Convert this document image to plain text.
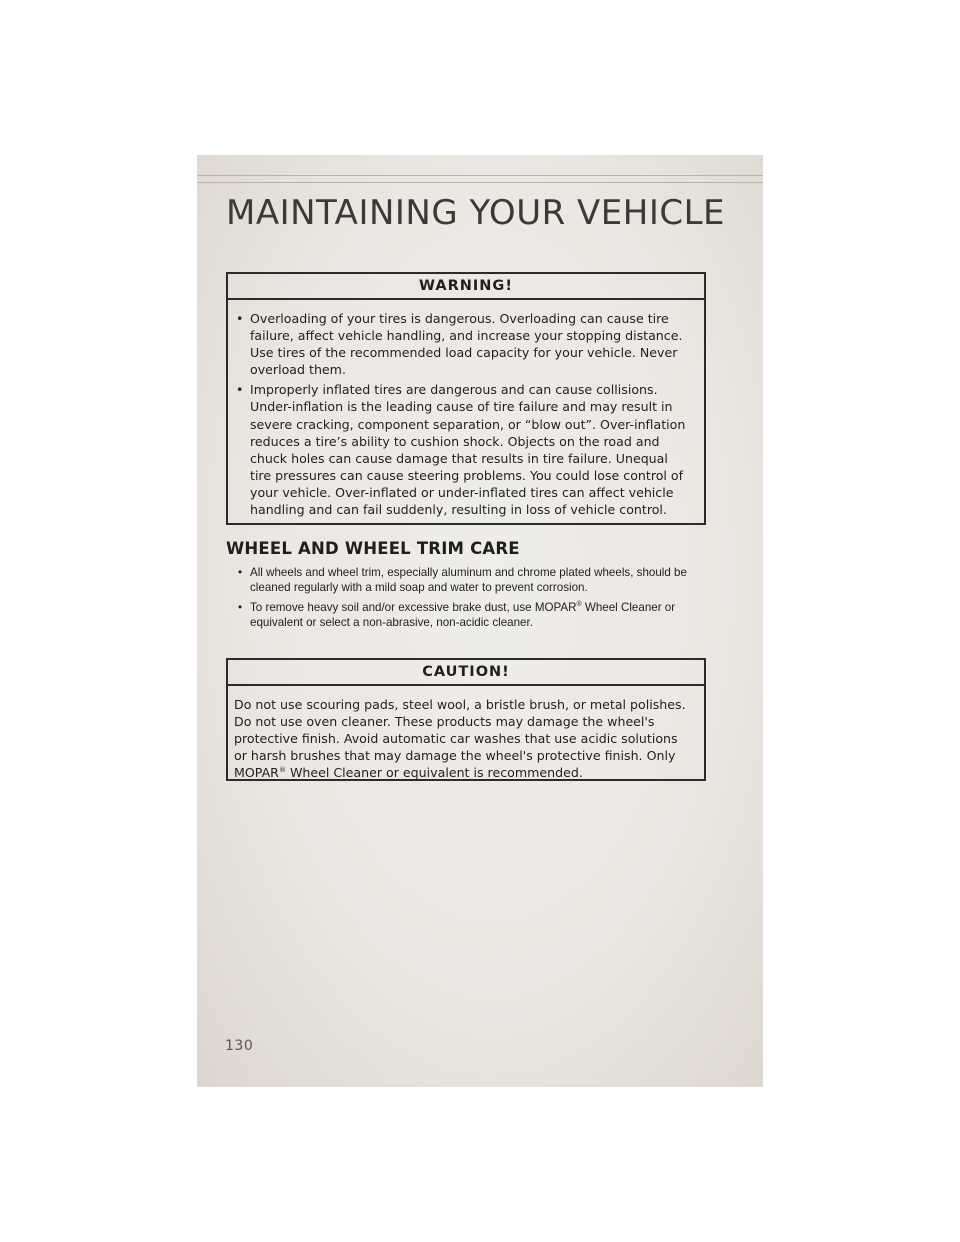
MAINTAINING YOUR VEHICLE
WARNING!
• Overloading of your tires is dangerous. Overloading can cause tire failure, affect vehicle handling, and increase your stopping distance. Use tires of the recommended load capacity for your vehicle. Never overload them.
• Improperly inflated tires are dangerous and can cause collisions. Under-inflation is the leading cause of tire failure and may result in severe cracking, component separation, or “blow out”. Over-inflation reduces a tire’s ability to cushion shock. Objects on the road and chuck holes can cause damage that results in tire failure. Unequal tire pressures can cause steering problems. You could lose control of your vehicle. Over-inflated or under-inflated tires can affect vehicle handling and can fail suddenly, resulting in loss of vehicle control.
WHEEL AND WHEEL TRIM CARE
• All wheels and wheel trim, especially aluminum and chrome plated wheels, should be cleaned regularly with a mild soap and water to prevent corrosion.
• To remove heavy soil and/or excessive brake dust, use MOPAR® Wheel Cleaner or equivalent or select a non-abrasive, non-acidic cleaner.
CAUTION!
Do not use scouring pads, steel wool, a bristle brush, or metal polishes. Do not use oven cleaner. These products may damage the wheel's protective finish. Avoid automatic car washes that use acidic solutions or harsh brushes that may damage the wheel's protective finish. Only MOPAR® Wheel Cleaner or equivalent is recommended.
130
